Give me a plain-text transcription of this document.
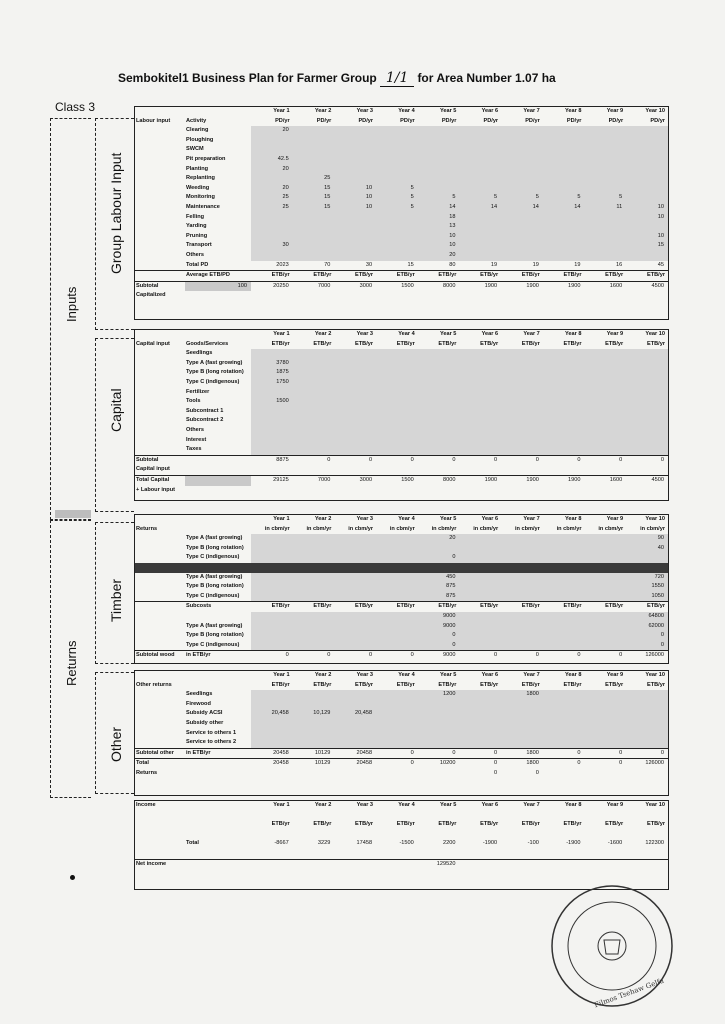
Sembokitel1 Business Plan for Farmer Group 1/1 for Area Number 1.07 ha
Class 3
Inputs
Group Labour Input
Capital
Returns
Timber
Other
		Year 1	Year 2	Year 3	Year 4	Year 5	Year 6	Year 7	Year 8	Year 9	Year 10
Labour input	Activity	PD/yr	PD/yr	PD/yr	PD/yr	PD/yr	PD/yr	PD/yr	PD/yr	PD/yr	PD/yr
	Clearing	20									
	Ploughing										
	SWCM										
	Pit preparation	42.5									
	Planting	20									
	Replanting		25								
	Weeding	20	15	10	5						
	Monitoring	25	15	10	5	5	5	5	5	5	
	Maintenance	25	15	10	5	14	14	14	14	11	10
	Felling					18					10
	Yarding					13					
	Pruning					10					10
	Transport	30				10					15
	Others					20					
	Total PD	2023	70	30	15	80	19	19	19	16	45
	Average ETB/PD	ETB/yr	ETB/yr	ETB/yr	ETB/yr	ETB/yr	ETB/yr	ETB/yr	ETB/yr	ETB/yr	ETB/yr
Subtotal	100	20250	7000	3000	1500	8000	1900	1900	1900	1600	4500
Capitalized											
		Year 1	Year 2	Year 3	Year 4	Year 5	Year 6	Year 7	Year 8	Year 9	Year 10
Capital input	Goods/Services	ETB/yr	ETB/yr	ETB/yr	ETB/yr	ETB/yr	ETB/yr	ETB/yr	ETB/yr	ETB/yr	ETB/yr
	Seedlings										
	Type A (fast growing)	3780									
	Type B (long rotation)	1875									
	Type C (indigenous)	1750									
	Fertilizer										
	Tools	1500									
	Subcontract 1										
	Subcontract 2										
	Others										
	Interest										
	Taxes										
Subtotal		8875	0	0	0	0	0	0	0	0	0
Capital input											
Total Capital		29125	7000	3000	1500	8000	1900	1900	1900	1600	4500
+ Labour input											
		Year 1	Year 2	Year 3	Year 4	Year 5	Year 6	Year 7	Year 8	Year 9	Year 10
Returns		in cbm/yr	in cbm/yr	in cbm/yr	in cbm/yr	in cbm/yr	in cbm/yr	in cbm/yr	in cbm/yr	in cbm/yr	in cbm/yr
	Type A (fast growing)					20					90
	Type B (long rotation)										40
	Type C (indigenous)					0					

	Type A (fast growing)					450					720
	Type B (long rotation)					875					1550
	Type C (indigenous)					875					1050
	Subcosts	ETB/yr	ETB/yr	ETB/yr	ETB/yr	ETB/yr	ETB/yr	ETB/yr	ETB/yr	ETB/yr	ETB/yr
						9000					64800
	Type A (fast growing)					9000					62000
	Type B (long rotation)					0					0
	Type C (indigenous)					0					0
Subtotal wood	in ETB/yr	0	0	0	0	9000	0	0	0	0	126000
		Year 1	Year 2	Year 3	Year 4	Year 5	Year 6	Year 7	Year 8	Year 9	Year 10
Other returns		ETB/yr	ETB/yr	ETB/yr	ETB/yr	ETB/yr	ETB/yr	ETB/yr	ETB/yr	ETB/yr	ETB/yr
	Seedlings					1200		1800			
	Firewood										
	Subsidy ACSI	20,458	10,129	20,458							
	Subsidy other										
	Service to others 1										
	Service to others 2										
Subtotal other	in ETB/yr	20458	10129	20458	0	0	0	1800	0	0	0
Total		20458	10129	20458	0	10200	0	1800	0	0	126000
Returns							0	0			
Income		Year 1	Year 2	Year 3	Year 4	Year 5	Year 6	Year 7	Year 8	Year 9	Year 10

		ETB/yr	ETB/yr	ETB/yr	ETB/yr	ETB/yr	ETB/yr	ETB/yr	ETB/yr	ETB/yr	ETB/yr

	Total	-8667	3229	17458	-1500	2200	-1900	-100	-1900	-1600	122300

Net income						129520					
Filmos Tsehaw Gelfa
